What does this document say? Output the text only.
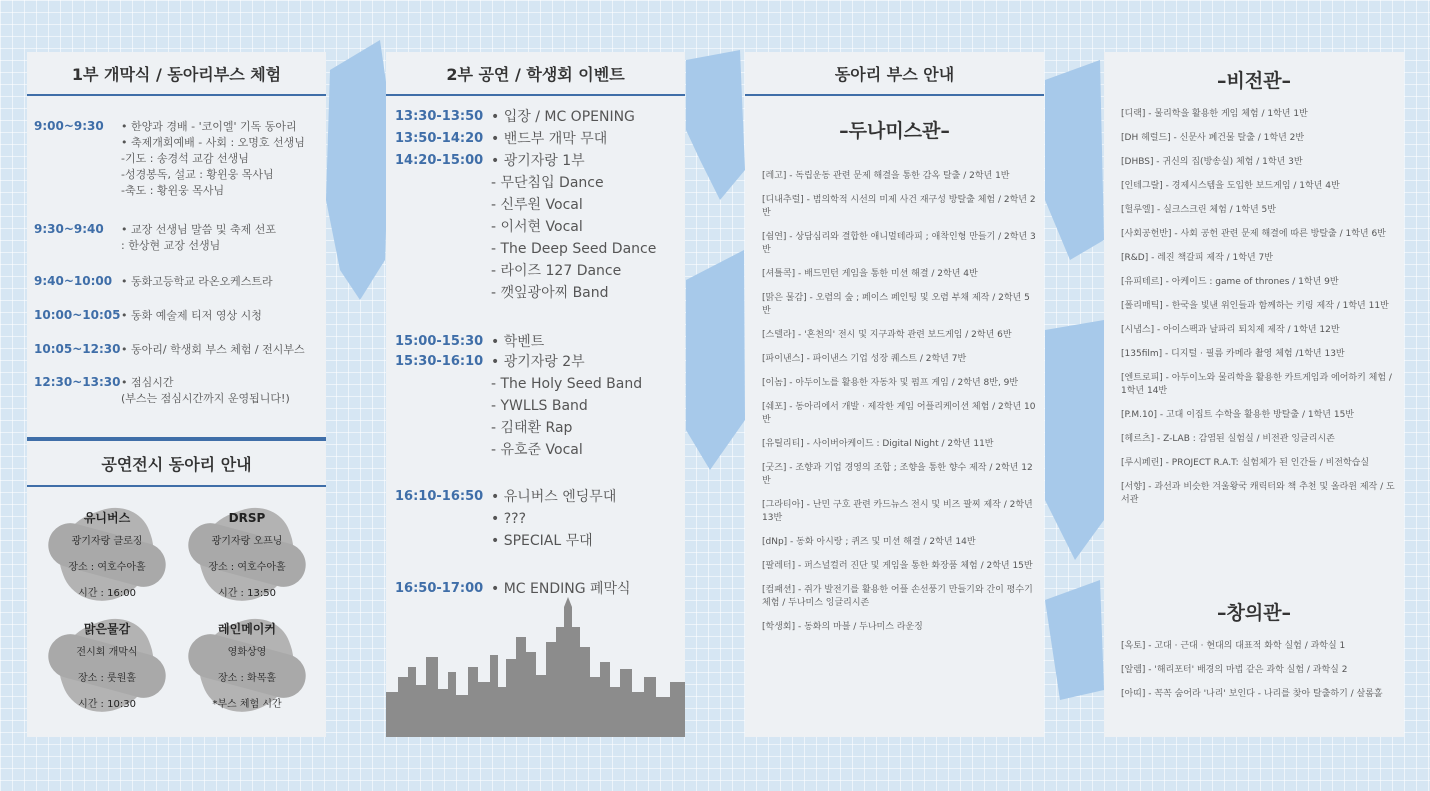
1부 개막식 / 동아리부스 체험
9:00~9:30	• 한양과 경배 - '코이엘' 기독 동아리
• 축제개회예배 - 사회 : 오명호 선생님
-기도 : 송경석 교감 선생님
-성경봉독, 설교 : 황윈웅 목사님
-축도 : 황윈웅 목사님
9:30~9:40	• 교장 선생님 말씀 및 축제 선포
: 한상현 교장 선생님
9:40~10:00 • 동화고등학교 라온오케스트라
10:00~10:05 • 동화 예술제 티저 영상 시청
10:05~12:30 • 동아리/ 학생회 부스 체험 / 전시부스
12:30~13:30 • 점심시간
(부스는 점심시간까지 운영됩니다!)
공연전시 동아리 안내
유니버스
광기자랑 클로징
장소 : 여호수아홀
시간 : 16:00
DRSP
광기자랑 오프닝
장소 : 여호수아홀
시간 : 13:50
맑은물감
전시회 개막식
장소 : 룻원홀
시간 : 10:30
레인메이커
영화상영
장소 : 화목홀
*부스 체험 시간
2부 공연 / 학생회 이벤트
13:30-13:50 • 입장 / MC OPENING
13:50-14:20 • 밴드부 개막 무대
14:20-15:00 • 광기자랑 1부
- 무단침입 Dance
- 신루원 Vocal
- 이서현 Vocal
- The Deep Seed Dance
- 라이즈 127 Dance
- 깻잎광아찌 Band
15:00-15:30 • 학벤트
15:30-16:10 • 광기자랑 2부
- The Holy Seed Band
- YWLLS Band
- 김태환 Rap
- 유호준 Vocal
16:10-16:50 • 유니버스 엔딩무대
• ???
• SPECIAL 무대
16:50-17:00 • MC ENDING 폐막식
동아리 부스 안내
–두나미스관–
[레고] - 독립운동 관련 문제 해결을 통한 감옥 탈출 / 2학년 1반
[디내추럴] - 범의학적 시선의 미제 사건 재구성 방탈출 체험 / 2학년 2반
[쉼연] - 상담심리와 결합한 애니멀테라피 ; 애착인형 만들기 / 2학년 3반
[셔틀콕] - 배드민턴 게임을 통한 미션 해결 / 2학년 4반
[맑은 물감] - 오렴의 숲 ; 페이스 페인팅 및 오렴 부채 제작 / 2학년 5반
[스텔라] - '혼천의' 전시 및 지구과학 관련 보드게임 / 2학년 6반
[파이낸스] - 파이낸스 기업 성장 퀘스트 / 2학년 7반
[이놈] - 아두이노를 활용한 자동차 및 펌프 게임 / 2학년 8반, 9반
[쉐포] - 동아리에서 개발 · 제작한 게임 어플리케이션 체험 / 2학년 10반
[유틸리티] - 사이버아케이드 : Digital Night / 2학년 11반
[굿즈] - 조향과 기업 경영의 조합 ; 조향을 통한 향수 제작 / 2학년 12반
[그라티아] - 난민 구호 관련 카드뉴스 전시 및 비즈 팔찌 제작 / 2학년 13반
[dNp] - 동화 아시랑 ; 퀴즈 및 미션 해결 / 2학년 14반
[팔레터] - 퍼스널컬러 진단 및 게임을 통한 화장품 체험 / 2학년 15반
[컴패션] - 쥐가 발전기를 활용한 어플 손선풍기 만들기와 간이 평수기 체험 / 두나미스 잉글리시존
[학생회] - 동화의 마블 / 두나미스 라운징
–비전관–
[디랙] - 물리학을 활용한 게임 체험 / 1학년 1반
[DH 헤럴드] - 신문사 폐건물 탈출 / 1학년 2반
[DHBS] - 귀신의 집(방송실) 체험 / 1학년 3반
[인테그랄] - 경제시스템을 도입한 보드게임 / 1학년 4반
[헐루엘] - 실크스크린 체험 / 1학년 5반
[사회공헌반] - 사회 공헌 관련 문제 해결에 따른 방탈출 / 1학년 6반
[R&D] - 레진 책갈피 제작 / 1학년 7반
[유피테르] - 아케이드 : game of thrones / 1학년 9반
[폴리매틱] - 한국을 빛낸 위인들과 함께하는 키링 제작 / 1학년 11반
[시냅스] - 아이스팩과 날파리 퇴치제 제작 / 1학년 12반
[135film] - 디지털 · 필름 카메라 촬영 체험 /1학년 13반
[엔트로피] - 아두이노와 물리학을 활용한 카트게임과 에어하키 체험 / 1학년 14반
[P.M.10] - 고대 이집트 수학을 활용한 방탈출 / 1학년 15반
[헤르츠] - Z-LAB : 감염된 실험실 / 비전관 잉글리시존
[루시페린] - PROJECT R.A.T: 실험체가 된 인간들 / 비전학습실
[서향] - 과선과 비슷한 겨울왕국 캐릭터와 책 추천 및 올라윈 제작 / 도서관
–창의관–
[옥토] - 고대 · 근대 · 현대의 대표적 화학 실험 / 과학실 1
[알렘] - '해리포터' 배경의 마법 같은 과학 실험 / 과학실 2
[아띠] - 꼭꼭 숨어라 '나리' 보인다 - 나리를 찾아 탈출하기 / 살롬홀
